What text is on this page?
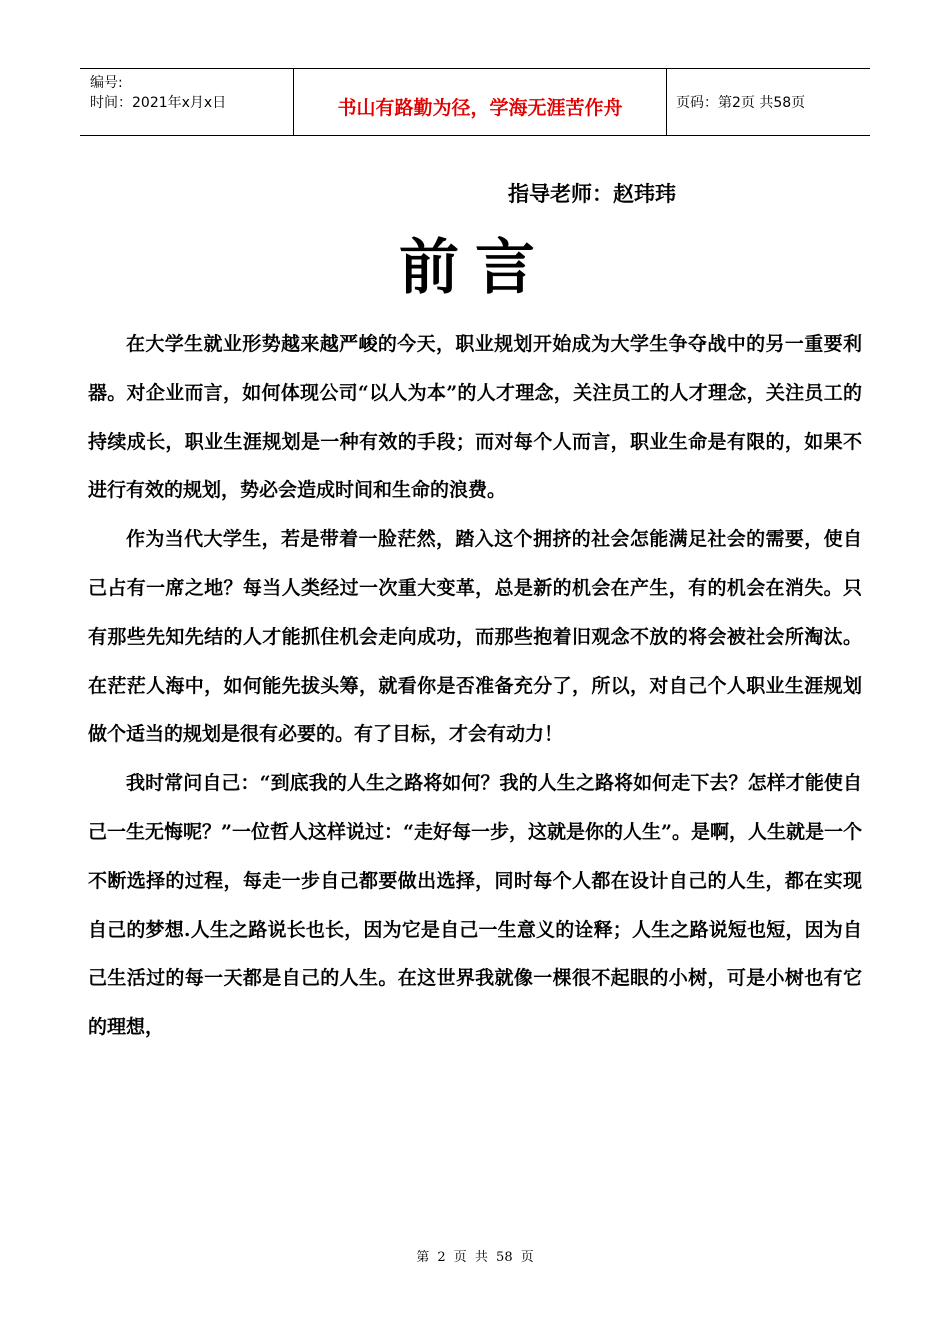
编号:
时间：2021年x月x日	书山有路勤为径，学海无涯苦作舟	页码：第2页 共58页
指导老师：赵玮玮
前言

在大学生就业形势越来越严峻的今天，职业规划开始成为大学生争夺战中的另一重要利器。对企业而言，如何体现公司“以人为本”的人才理念，关注员工的人才理念，关注员工的持续成长，职业生涯规划是一种有效的手段；而对每个人而言，职业生命是有限的，如果不进行有效的规划，势必会造成时间和生命的浪费。

作为当代大学生，若是带着一脸茫然，踏入这个拥挤的社会怎能满足社会的需要，使自己占有一席之地？每当人类经过一次重大变革，总是新的机会在产生，有的机会在消失。只有那些先知先结的人才能抓住机会走向成功，而那些抱着旧观念不放的将会被社会所淘汰。在茫茫人海中，如何能先拔头筹，就看你是否准备充分了，所以，对自己个人职业生涯规划做个适当的规划是很有必要的。有了目标，才会有动力！

我时常问自己：“到底我的人生之路将如何？我的人生之路将如何走下去？怎样才能使自己一生无悔呢？”一位哲人这样说过：“走好每一步，这就是你的人生”。是啊，人生就是一个不断选择的过程，每走一步自己都要做出选择，同时每个人都在设计自己的人生，都在实现自己的梦想.人生之路说长也长，因为它是自己一生意义的诠释；人生之路说短也短，因为自己生活过的每一天都是自己的人生。在这世界我就像一棵很不起眼的小树，可是小树也有它的理想，

第 2 页 共 58 页
